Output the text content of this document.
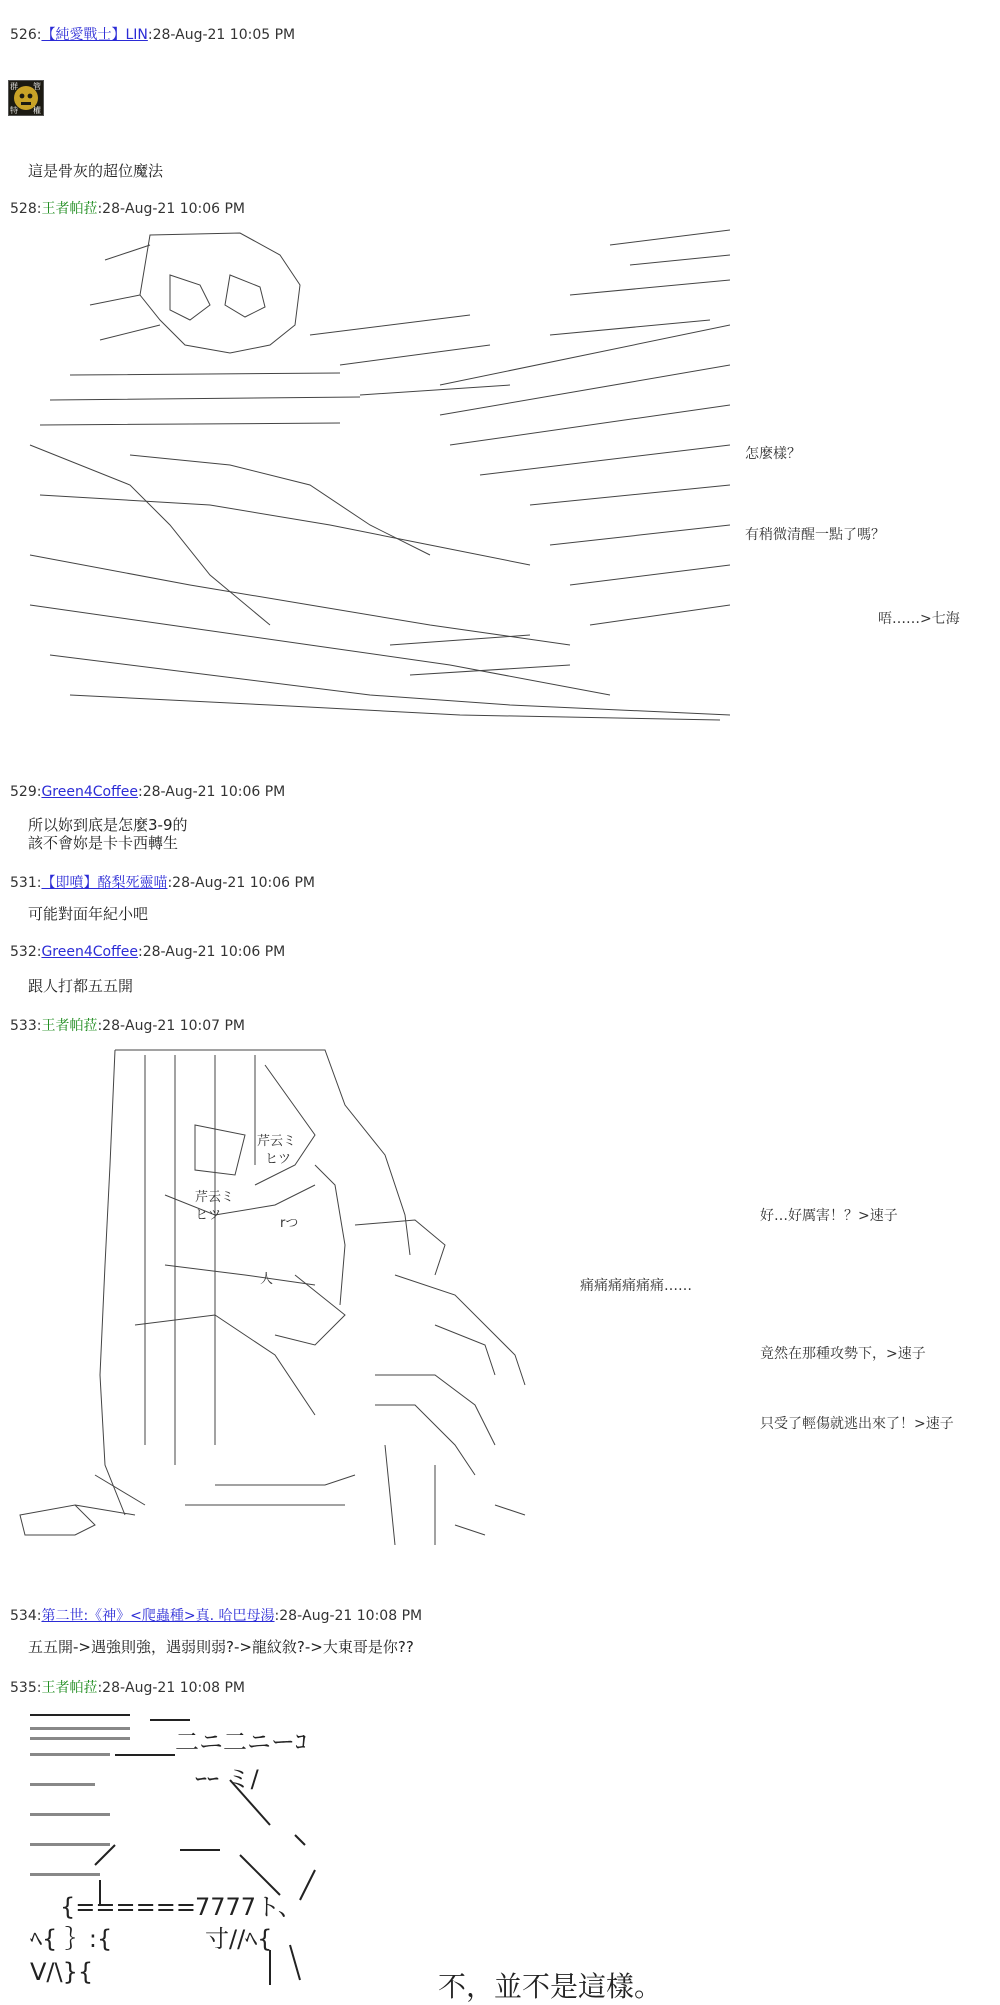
526:【純愛戰士】LIN:28-Aug-21 10:05 PM
群 管
特 權
這是骨灰的超位魔法
528:王者帕菈:28-Aug-21 10:06 PM
怎麼樣？
有稍微清醒一點了嗎？
唔……>七海
529:Green4Coffee:28-Aug-21 10:06 PM
所以妳到底是怎麼3-9的
該不會妳是卡卡西轉生
531:【即噴】酪梨死靈喵:28-Aug-21 10:06 PM
可能對面年紀小吧
532:Green4Coffee:28-Aug-21 10:06 PM
跟人打都五五開
533:王者帕菈:28-Aug-21 10:07 PM
芹云ミ
ヒツ
芹云ミ
ヒツ
rつ
人
好…好厲害！？>速子
痛痛痛痛痛痛……
竟然在那種攻勢下，>速子
只受了輕傷就逃出來了！>速子
534:第二世:《神》<爬蟲種>真. 哈巴母湯:28-Aug-21 10:08 PM
五五開->遇強則強，遇弱則弱?->龍紋敘?->大東哥是你??
535:王者帕菈:28-Aug-21 10:08 PM
二ニ二ニーｺ
ｰｰ ミ/
7777ト、
寸//ﾍ{
{======
ﾍ{ ｝:{
V/\}{	不，並不是這樣。
